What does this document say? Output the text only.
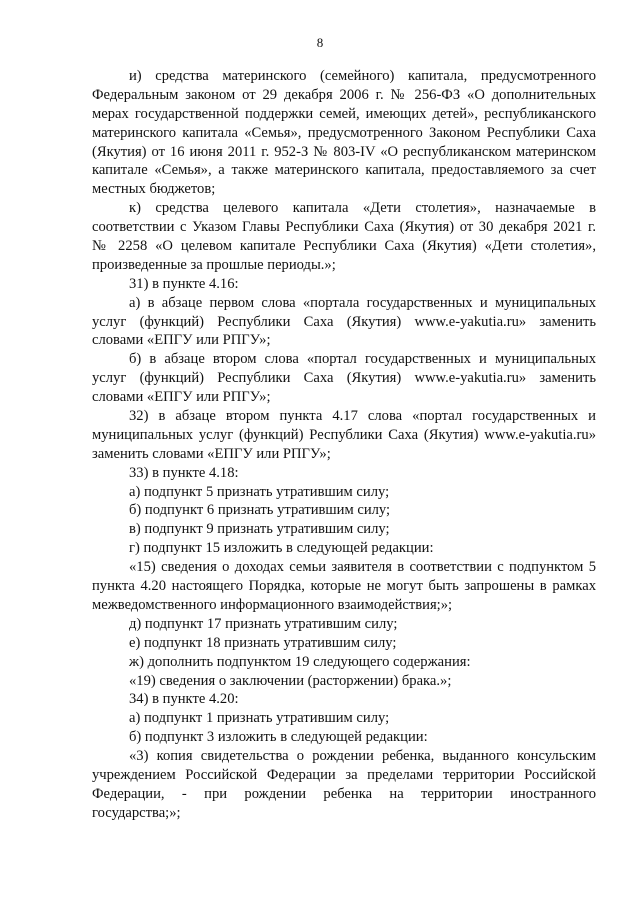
8
и) средства материнского (семейного) капитала, предусмотренного
Федеральным законом от 29 декабря 2006 г. № 256-ФЗ «О дополнительных
мерах государственной поддержки семей, имеющих детей», республиканского
материнского капитала «Семья», предусмотренного Законом Республики Саха
(Якутия) от 16 июня 2011 г. 952-З № 803-IV «О республиканском материнском
капитале «Семья», а также материнского капитала, предоставляемого за счет
местных бюджетов;
к) средства целевого капитала «Дети столетия», назначаемые в
соответствии с Указом Главы Республики Саха (Якутия) от 30 декабря 2021 г.
№ 2258 «О целевом капитале Республики Саха (Якутия) «Дети столетия»,
произведенные за прошлые периоды.»;
31) в пункте 4.16:
а) в абзаце первом слова «портала государственных и муниципальных
услуг (функций) Республики Саха (Якутия) www.e-yakutia.ru» заменить
словами «ЕПГУ или РПГУ»;
б) в абзаце втором слова «портал государственных и муниципальных
услуг (функций) Республики Саха (Якутия) www.e-yakutia.ru» заменить
словами «ЕПГУ или РПГУ»;
32) в абзаце втором пункта 4.17 слова «портал государственных и
муниципальных услуг (функций) Республики Саха (Якутия) www.e-yakutia.ru»
заменить словами «ЕПГУ или РПГУ»;
33) в пункте 4.18:
а) подпункт 5 признать утратившим силу;
б) подпункт 6 признать утратившим силу;
в) подпункт 9 признать утратившим силу;
г) подпункт 15 изложить в следующей редакции:
«15) сведения о доходах семьи заявителя в соответствии с подпунктом 5
пункта 4.20 настоящего Порядка, которые не могут быть запрошены в рамках
межведомственного информационного взаимодействия;»;
д) подпункт 17 признать утратившим силу;
е) подпункт 18 признать утратившим силу;
ж) дополнить подпунктом 19 следующего содержания:
«19) сведения о заключении (расторжении) брака.»;
34) в пункте 4.20:
а) подпункт 1 признать утратившим силу;
б) подпункт 3 изложить в следующей редакции:
«3) копия свидетельства о рождении ребенка, выданного консульским
учреждением Российской Федерации за пределами территории Российской
Федерации, - при рождении ребенка на территории иностранного
государства;»;
